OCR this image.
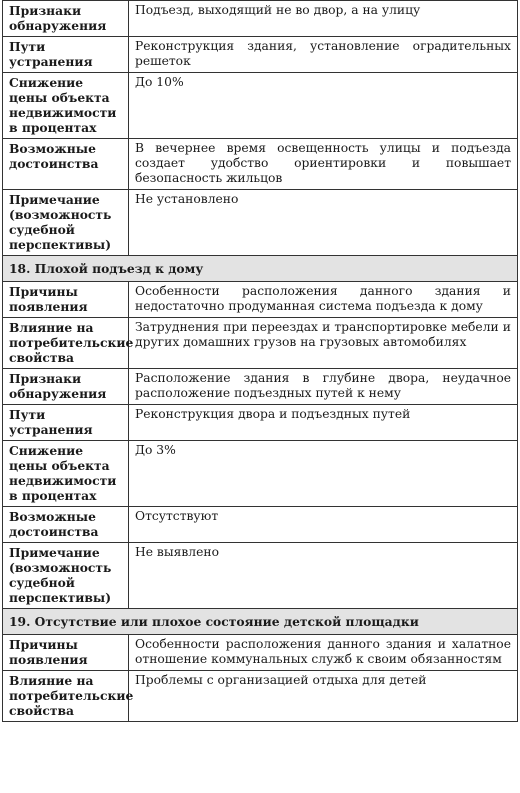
Признаки обнаружения	Подъезд, выходящий не во двор, а на улицу
Пути устранения	Реконструкция здания, установление оградительных решеток
Снижение цены объекта недвижимости в процентах	До 10%
Возможные достоинства	В вечернее время освещенность улицы и подъезда создает удобство ориентировки и повышает безопасность жильцов
Примечание (возможность судебной перспективы)	Не установлено
18. Плохой подъезд к дому	
Причины появления	Особенности расположения данного здания и недостаточно продуманная система подъезда к дому
Влияние на потребительские свойства	Затруднения при переездах и транспортировке мебели и других домашних грузов на грузовых автомобилях
Признаки обнаружения	Расположение здания в глубине двора, неудачное расположение подъездных путей к нему
Пути устранения	Реконструкция двора и подъездных путей
Снижение цены объекта недвижимости в процентах	До 3%
Возможные достоинства	Отсутствуют
Примечание (возможность судебной перспективы)	Не выявлено
19. Отсутствие или плохое состояние детской площадки	
Причины появления	Особенности расположения данного здания и халатное отношение коммунальных служб к своим обязанностям
Влияние на потребительские свойства	Проблемы с организацией отдыха для детей
